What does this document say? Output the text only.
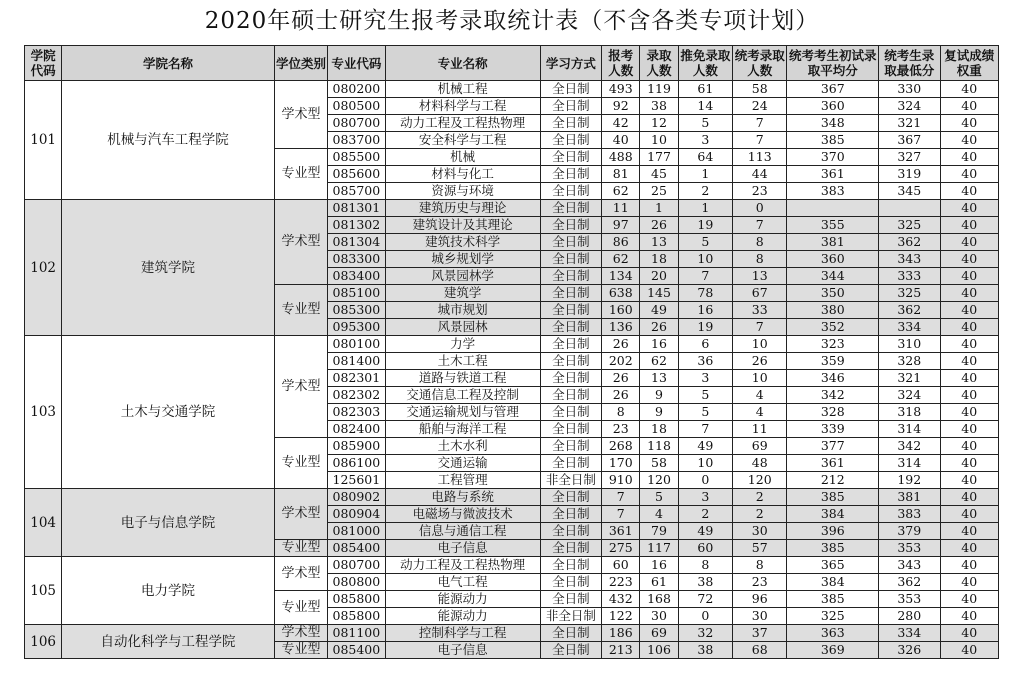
2020年硕士研究生报考录取统计表（不含各类专项计划）
学院代码	学院名称	学位类别	专业代码	专业名称	学习方式	报考人数	录取人数	推免录取人数	统考录取人数	统考考生初试录取平均分	统考生录取最低分	复试成绩权重
101	机械与汽车工程学院	学术型	080200	机械工程	全日制	493	119	61	58	367	330	40
			080500	材料科学与工程	全日制	92	38	14	24	360	324	40
			080700	动力工程及工程热物理	全日制	42	12	5	7	348	321	40
			083700	安全科学与工程	全日制	40	10	3	7	385	367	40
		专业型	085500	机械	全日制	488	177	64	113	370	327	40
			085600	材料与化工	全日制	81	45	1	44	361	319	40
			085700	资源与环境	全日制	62	25	2	23	383	345	40
102	建筑学院	学术型	081301	建筑历史与理论	全日制	11	1	1	0			40
			081302	建筑设计及其理论	全日制	97	26	19	7	355	325	40
			081304	建筑技术科学	全日制	86	13	5	8	381	362	40
			083300	城乡规划学	全日制	62	18	10	8	360	343	40
			083400	风景园林学	全日制	134	20	7	13	344	333	40
		专业型	085100	建筑学	全日制	638	145	78	67	350	325	40
			085300	城市规划	全日制	160	49	16	33	380	362	40
			095300	风景园林	全日制	136	26	19	7	352	334	40
103	土木与交通学院	学术型	080100	力学	全日制	26	16	6	10	323	310	40
			081400	土木工程	全日制	202	62	36	26	359	328	40
			082301	道路与铁道工程	全日制	26	13	3	10	346	321	40
			082302	交通信息工程及控制	全日制	26	9	5	4	342	324	40
			082303	交通运输规划与管理	全日制	8	9	5	4	328	318	40
			082400	船舶与海洋工程	全日制	23	18	7	11	339	314	40
		专业型	085900	土木水利	全日制	268	118	49	69	377	342	40
			086100	交通运输	全日制	170	58	10	48	361	314	40
			125601	工程管理	非全日制	910	120	0	120	212	192	40
104	电子与信息学院	学术型	080902	电路与系统	全日制	7	5	3	2	385	381	40
			080904	电磁场与微波技术	全日制	7	4	2	2	384	383	40
			081000	信息与通信工程	全日制	361	79	49	30	396	379	40
		专业型	085400	电子信息	全日制	275	117	60	57	385	353	40
105	电力学院	学术型	080700	动力工程及工程热物理	全日制	60	16	8	8	365	343	40
			080800	电气工程	全日制	223	61	38	23	384	362	40
		专业型	085800	能源动力	全日制	432	168	72	96	385	353	40
			085800	能源动力	非全日制	122	30	0	30	325	280	40
106	自动化科学与工程学院	学术型	081100	控制科学与工程	全日制	186	69	32	37	363	334	40
		专业型	085400	电子信息	全日制	213	106	38	68	369	326	40
